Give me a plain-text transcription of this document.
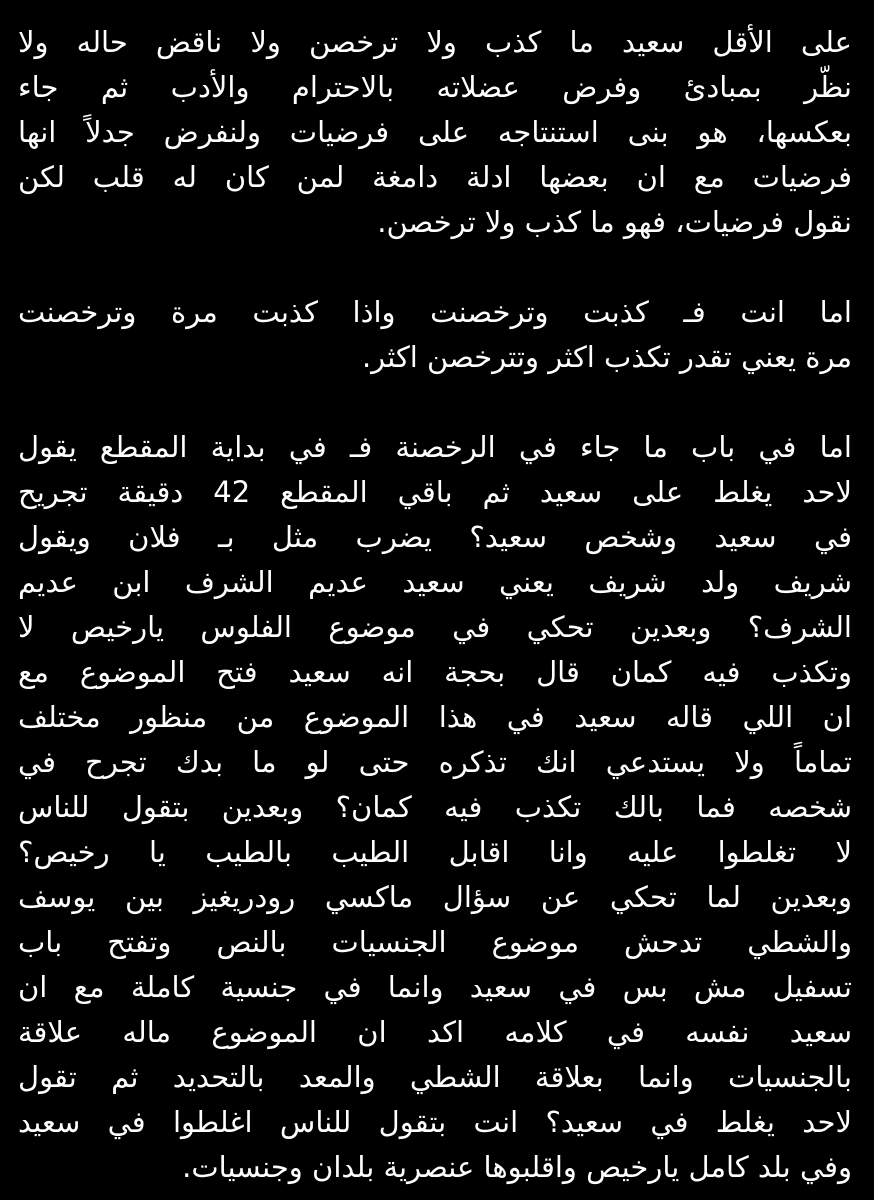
على الأقل سعيد ما كذب ولا ترخصن ولا ناقض حاله ولا
نظّر بمبادئ وفرض عضلاته بالاحترام والأدب ثم جاء
بعكسها، هو بنى استنتاجه على فرضيات ولنفرض جدلاً انها
فرضيات مع ان بعضها ادلة دامغة لمن كان له قلب لكن
نقول فرضيات، فهو ما كذب ولا ترخصن.
اما انت فـ كذبت وترخصنت واذا كذبت مرة وترخصنت
مرة يعني تقدر تكذب اكثر وتترخصن اكثر.
اما في باب ما جاء في الرخصنة فـ في بداية المقطع يقول
لاحد يغلط على سعيد ثم باقي المقطع 42 دقيقة تجريح
في سعيد وشخص سعيد؟ يضرب مثل بـ فلان ويقول
شريف ولد شريف يعني سعيد عديم الشرف ابن عديم
الشرف؟ وبعدين تحكي في موضوع الفلوس يارخيص لا
وتكذب فيه كمان قال بحجة انه سعيد فتح الموضوع مع
ان اللي قاله سعيد في هذا الموضوع من منظور مختلف
تماماً ولا يستدعي انك تذكره حتى لو ما بدك تجرح في
شخصه فما بالك تكذب فيه كمان؟ وبعدين بتقول للناس
لا تغلطوا عليه وانا اقابل الطيب بالطيب يا رخيص؟
وبعدين لما تحكي عن سؤال ماكسي رودريغيز بين يوسف
والشطي تدحش موضوع الجنسيات بالنص وتفتح باب
تسفيل مش بس في سعيد وانما في جنسية كاملة مع ان
سعيد نفسه في كلامه اكد ان الموضوع ماله علاقة
بالجنسيات وانما بعلاقة الشطي والمعد بالتحديد ثم تقول
لاحد يغلط في سعيد؟ انت بتقول للناس اغلطوا في سعيد
وفي بلد كامل يارخيص واقلبوها عنصرية بلدان وجنسيات.
